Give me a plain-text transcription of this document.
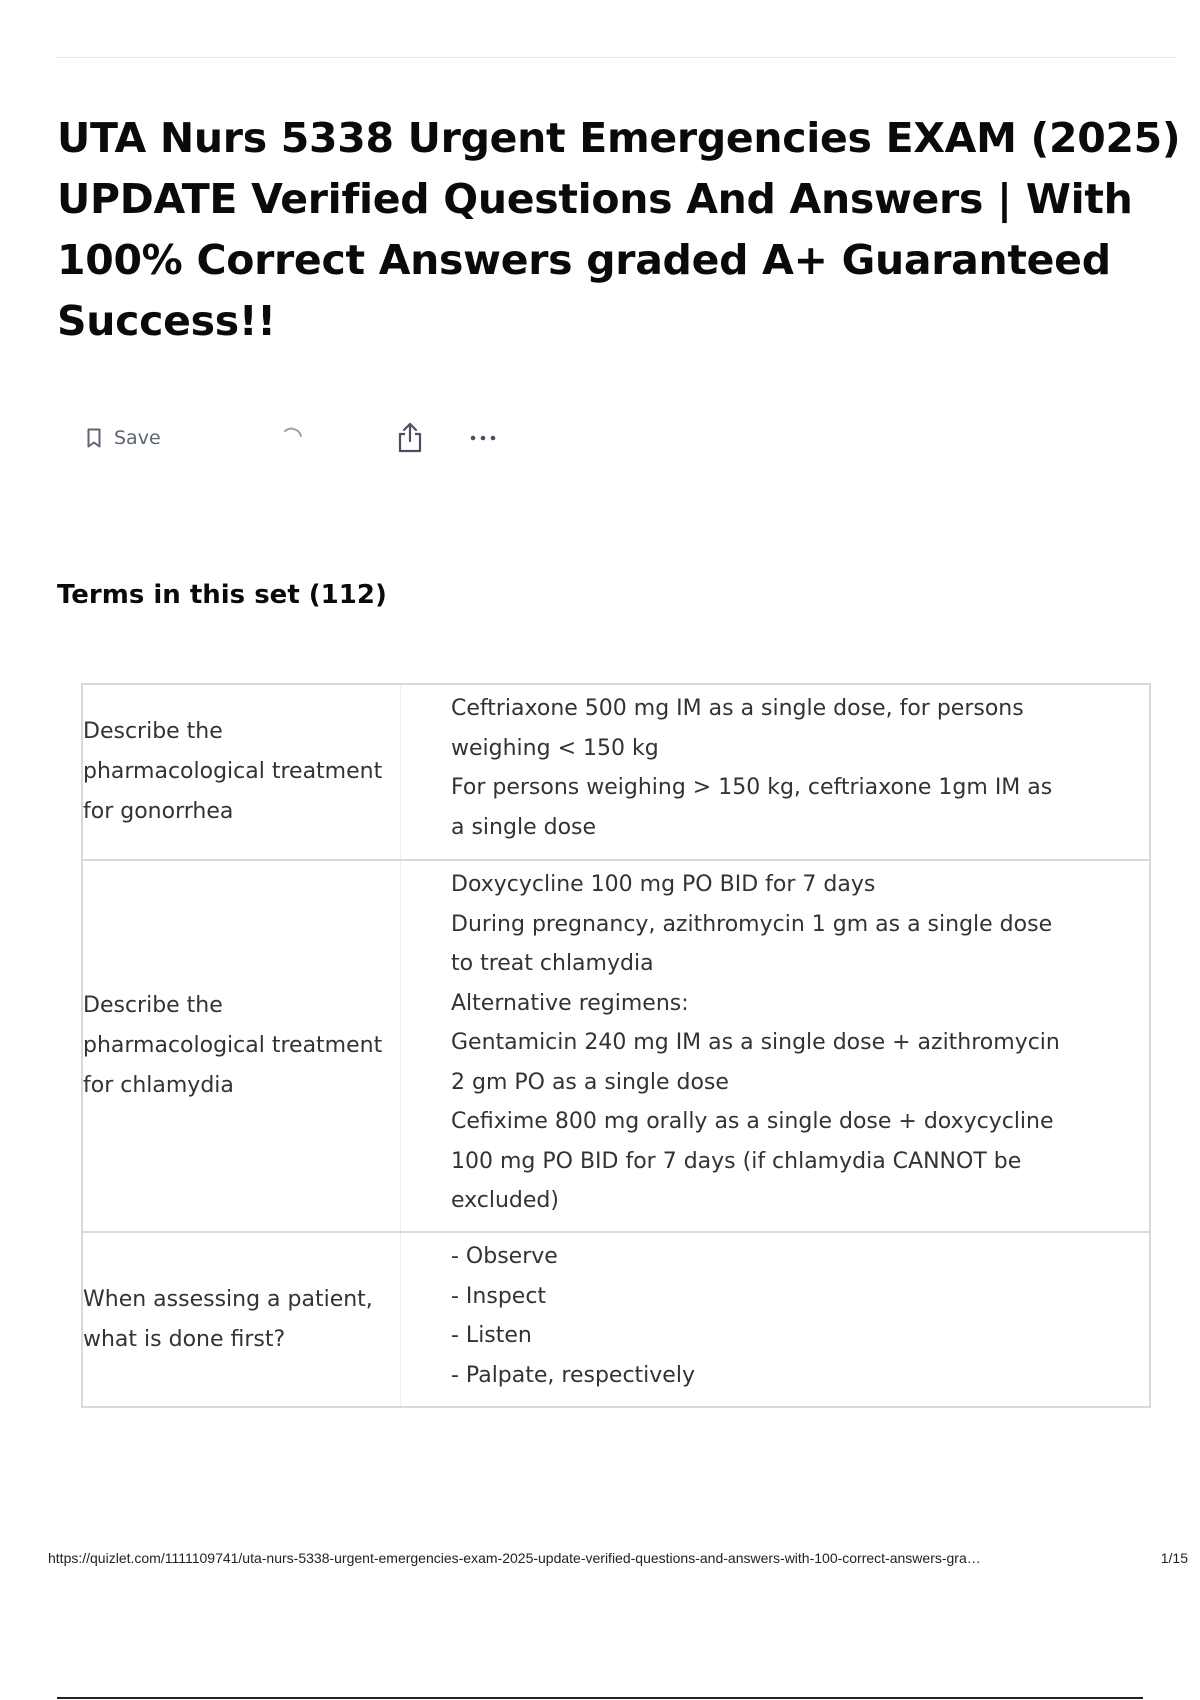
UTA Nurs 5338 Urgent Emergencies EXAM (2025) UPDATE Verified Questions And Answers | With 100% Correct Answers graded A+ Guaranteed Success!!
Save
Terms in this set (112)
Describe the pharmacological treatment for gonorrhea
Ceftriaxone 500 mg IM as a single dose, for persons
weighing < 150 kg
For persons weighing > 150 kg, ceftriaxone 1gm IM as
a single dose
Describe the pharmacological treatment for chlamydia
Doxycycline 100 mg PO BID for 7 days
During pregnancy, azithromycin 1 gm as a single dose
to treat chlamydia
Alternative regimens:
Gentamicin 240 mg IM as a single dose + azithromycin
2 gm PO as a single dose
Cefixime 800 mg orally as a single dose + doxycycline
100 mg PO BID for 7 days (if chlamydia CANNOT be
excluded)
When assessing a patient, what is done first?
- Observe
- Inspect
- Listen
- Palpate, respectively
https://quizlet.com/1111109741/uta-nurs-5338-urgent-emergencies-exam-2025-update-verified-questions-and-answers-with-100-correct-answers-gra…	1/15
